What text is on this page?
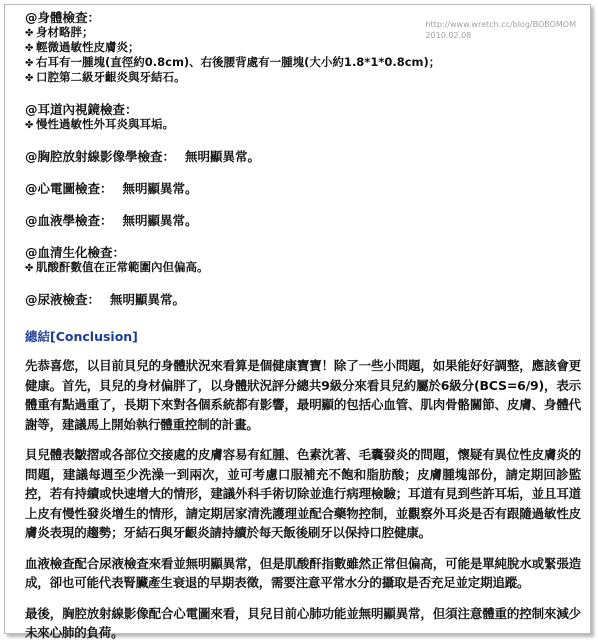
http://www.wretch.cc/blog/BOBOMOM
2010.02.08
@身體檢查：
✤ 身材略胖；
✤ 輕微過敏性皮膚炎；
✤ 右耳有一腫塊(直徑約0.8cm)、右後腰背處有一腫塊(大小約1.8*1*0.8cm)；
✤ 口腔第二級牙齦炎與牙結石。
@耳道內視鏡檢查：
✤ 慢性過敏性外耳炎與耳垢。
@胸腔放射線影像學檢查： 無明顯異常。
@心電圖檢查： 無明顯異常。
@血液學檢查： 無明顯異常。
@血清生化檢查：
✤ 肌酸酐數值在正常範圍內但偏高。
@尿液檢查： 無明顯異常。
總結[Conclusion]
先恭喜您，以目前貝兒的身體狀況來看算是個健康寶寶！除了一些小問題，如果能好好調整，應該會更健康。首先，貝兒的身材偏胖了，以身體狀況評分總共9級分來看貝兒約屬於6級分(BCS=6/9)，表示體重有點過重了，長期下來對各個系統都有影響，最明顯的包括心血管、肌肉骨骼關節、皮膚、身體代謝等，建議馬上開始執行體重控制的計畫。
貝兒體表皺摺或各部位交接處的皮膚容易有紅腫、色素沈著、毛囊發炎的問題，懷疑有異位性皮膚炎的問題，建議每週至少洗澡一到兩次，並可考慮口服補充不飽和脂肪酸；皮膚腫塊部份，請定期回診監控，若有持續或快速增大的情形，建議外科手術切除並進行病理檢驗；耳道有見到些許耳垢，並且耳道上皮有慢性發炎增生的情形，請定期居家清洗護理並配合藥物控制，並觀察外耳炎是否有跟隨過敏性皮膚炎表現的趨勢；牙結石與牙齦炎請持續於每天飯後刷牙以保持口腔健康。
血液檢查配合尿液檢查來看並無明顯異常，但是肌酸酐指數雖然正常但偏高，可能是單純脫水或緊張造成，卻也可能代表腎臟產生衰退的早期表徵，需要注意平常水分的攝取是否充足並定期追蹤。
最後，胸腔放射線影像配合心電圖來看，貝兒目前心肺功能並無明顯異常，但須注意體重的控制來減少未來心肺的負荷。
